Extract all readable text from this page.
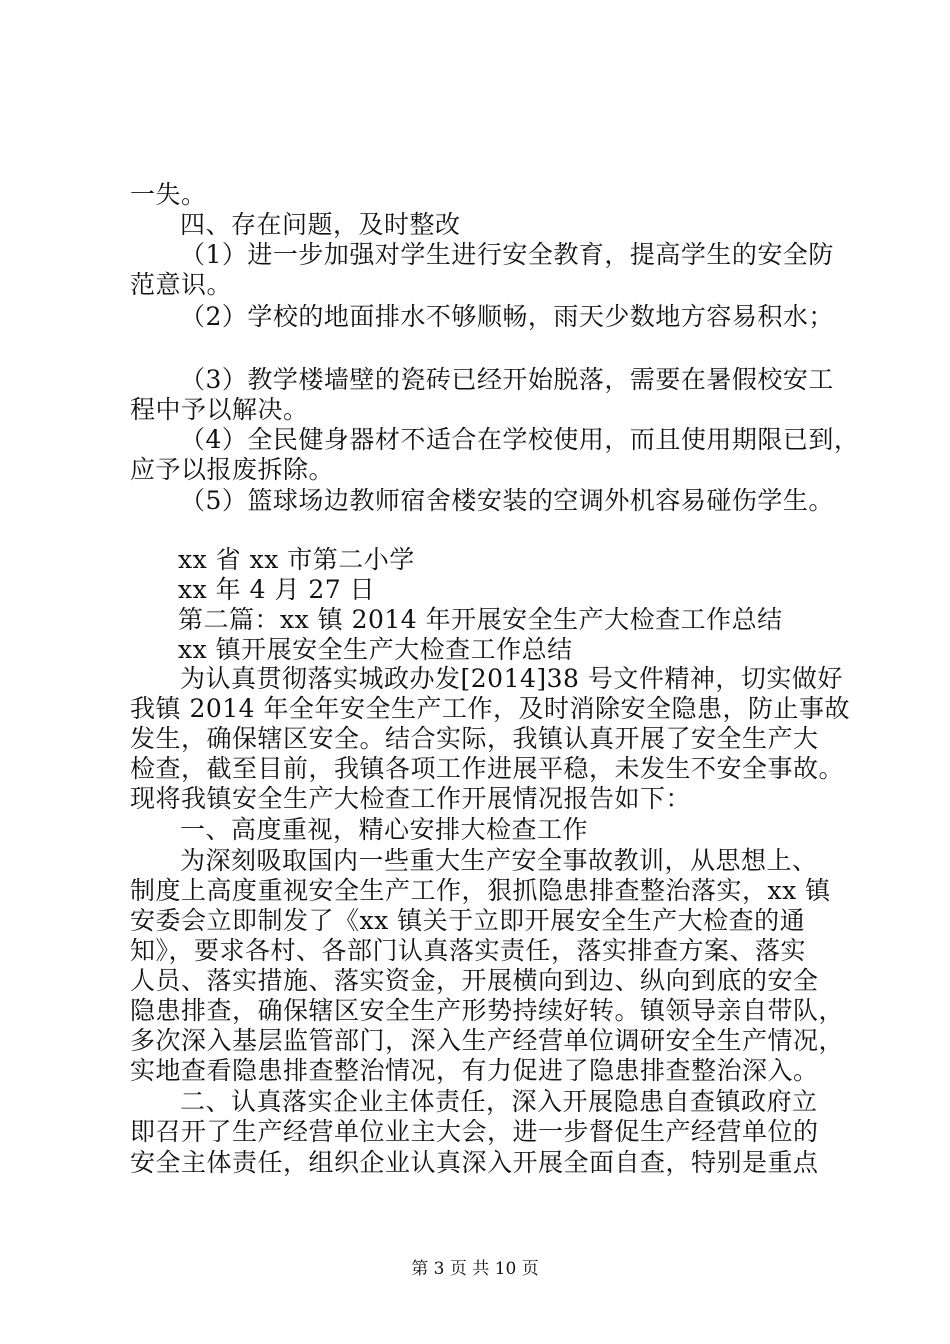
一失。
四、存在问题，及时整改
（1）进一步加强对学生进行安全教育，提高学生的安全防
范意识。
（2）学校的地面排水不够顺畅，雨天少数地方容易积水；
（3）教学楼墙壁的瓷砖已经开始脱落，需要在暑假校安工
程中予以解决。
（4）全民健身器材不适合在学校使用，而且使用期限已到，
应予以报废拆除。
（5）篮球场边教师宿舍楼安装的空调外机容易碰伤学生。
xx 省 xx 市第二小学
xx 年 4 月 27 日
第二篇：xx 镇 2014 年开展安全生产大检查工作总结
xx 镇开展安全生产大检查工作总结
为认真贯彻落实城政办发[2014]38 号文件精神，切实做好
我镇 2014 年全年安全生产工作，及时消除安全隐患，防止事故
发生，确保辖区安全。结合实际，我镇认真开展了安全生产大
检查，截至目前，我镇各项工作进展平稳，未发生不安全事故。
现将我镇安全生产大检查工作开展情况报告如下：
一、高度重视，精心安排大检查工作
为深刻吸取国内一些重大生产安全事故教训，从思想上、
制度上高度重视安全生产工作，狠抓隐患排查整治落实，xx 镇
安委会立即制发了《xx 镇关于立即开展安全生产大检查的通
知》，要求各村、各部门认真落实责任，落实排查方案、落实
人员、落实措施、落实资金，开展横向到边、纵向到底的安全
隐患排查，确保辖区安全生产形势持续好转。镇领导亲自带队，
多次深入基层监管部门，深入生产经营单位调研安全生产情况，
实地查看隐患排查整治情况，有力促进了隐患排查整治深入。
二、认真落实企业主体责任，深入开展隐患自查镇政府立
即召开了生产经营单位业主大会，进一步督促生产经营单位的
安全主体责任，组织企业认真深入开展全面自查，特别是重点
第 3 页 共 10 页
